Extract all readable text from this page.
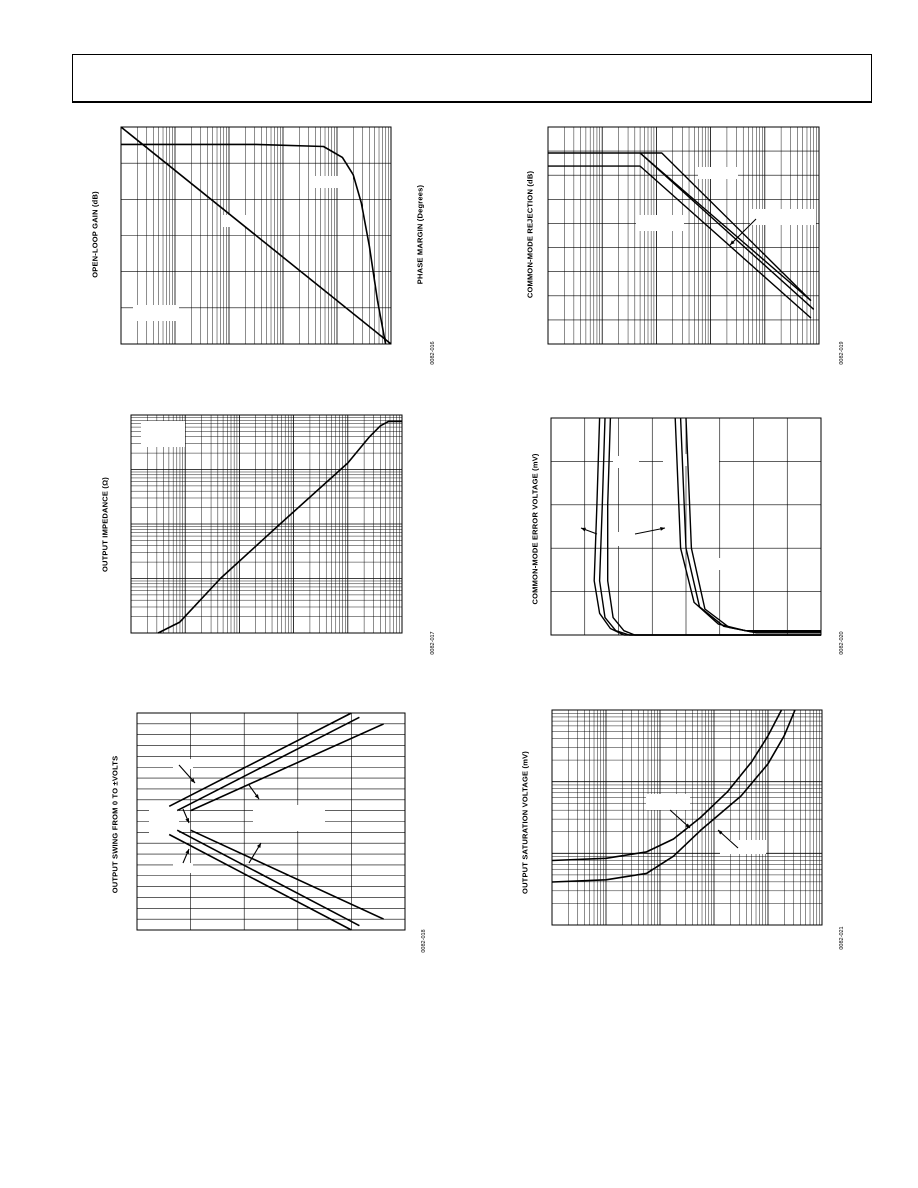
OPEN-LOOP GAIN (dB)	PHASE MARGIN (Degrees)
0082-016
COMMON-MODE REJECTION (dB)
0082-019
OUTPUT IMPEDANCE (Ω)
0082-017
COMMON-MODE ERROR VOLTAGE (mV)
0082-020
OUTPUT SWING FROM 0 TO ±VOLTS
0082-018
OUTPUT SATURATION VOLTAGE (mV)
0082-021
